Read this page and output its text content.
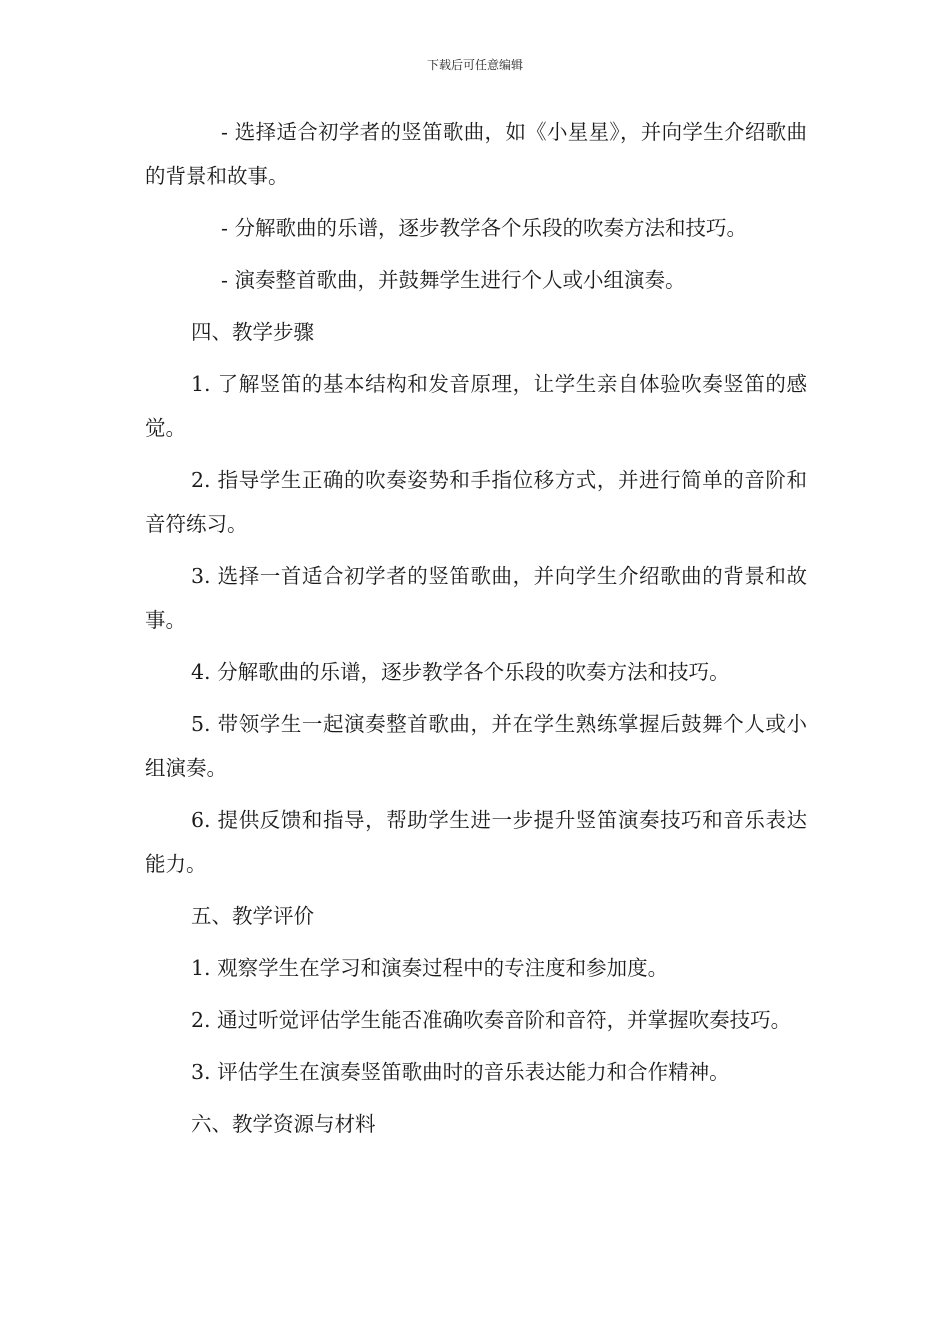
下载后可任意编辑

- 选择适合初学者的竖笛歌曲，如《小星星》，并向学生介绍歌曲的背景和故事。

- 分解歌曲的乐谱，逐步教学各个乐段的吹奏方法和技巧。

- 演奏整首歌曲，并鼓舞学生进行个人或小组演奏。

四、教学步骤

1. 了解竖笛的基本结构和发音原理，让学生亲自体验吹奏竖笛的感觉。

2. 指导学生正确的吹奏姿势和手指位移方式，并进行简单的音阶和音符练习。

3. 选择一首适合初学者的竖笛歌曲，并向学生介绍歌曲的背景和故事。

4. 分解歌曲的乐谱，逐步教学各个乐段的吹奏方法和技巧。

5. 带领学生一起演奏整首歌曲，并在学生熟练掌握后鼓舞个人或小组演奏。

6. 提供反馈和指导，帮助学生进一步提升竖笛演奏技巧和音乐表达能力。

五、教学评价

1. 观察学生在学习和演奏过程中的专注度和参加度。

2. 通过听觉评估学生能否准确吹奏音阶和音符，并掌握吹奏技巧。

3. 评估学生在演奏竖笛歌曲时的音乐表达能力和合作精神。

六、教学资源与材料
